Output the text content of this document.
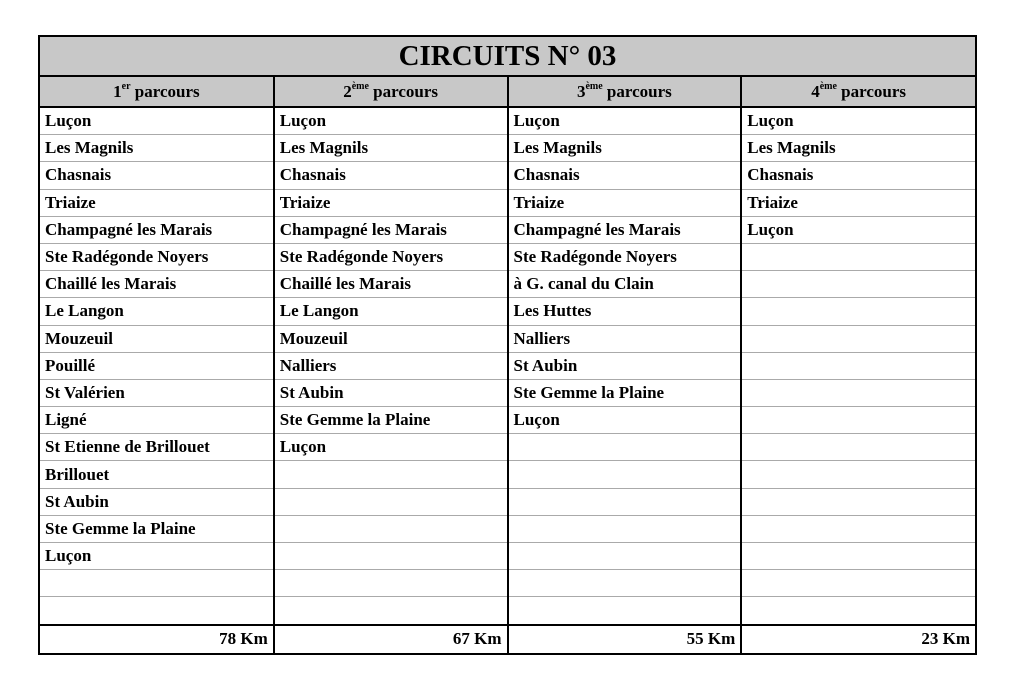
CIRCUITS N° 03			
1er parcours	2ème parcours	3ème parcours	4ème parcours
Luçon	Luçon	Luçon	Luçon
Les Magnils	Les Magnils	Les Magnils	Les Magnils
Chasnais	Chasnais	Chasnais	Chasnais
Triaize	Triaize	Triaize	Triaize
Champagné les Marais	Champagné les Marais	Champagné les Marais	Luçon
Ste Radégonde Noyers	Ste Radégonde Noyers	Ste Radégonde Noyers	
Chaillé les Marais	Chaillé les Marais	à G. canal du Clain	
Le Langon	Le Langon	Les Huttes	
Mouzeuil	Mouzeuil	Nalliers	
Pouillé	Nalliers	St Aubin	
St Valérien	St Aubin	Ste Gemme la Plaine	
Ligné	Ste Gemme la Plaine	Luçon	
St Etienne de Brillouet	Luçon		
Brillouet			
St Aubin			
Ste Gemme la Plaine			
Luçon			

78 Km	67 Km	55 Km	23 Km
